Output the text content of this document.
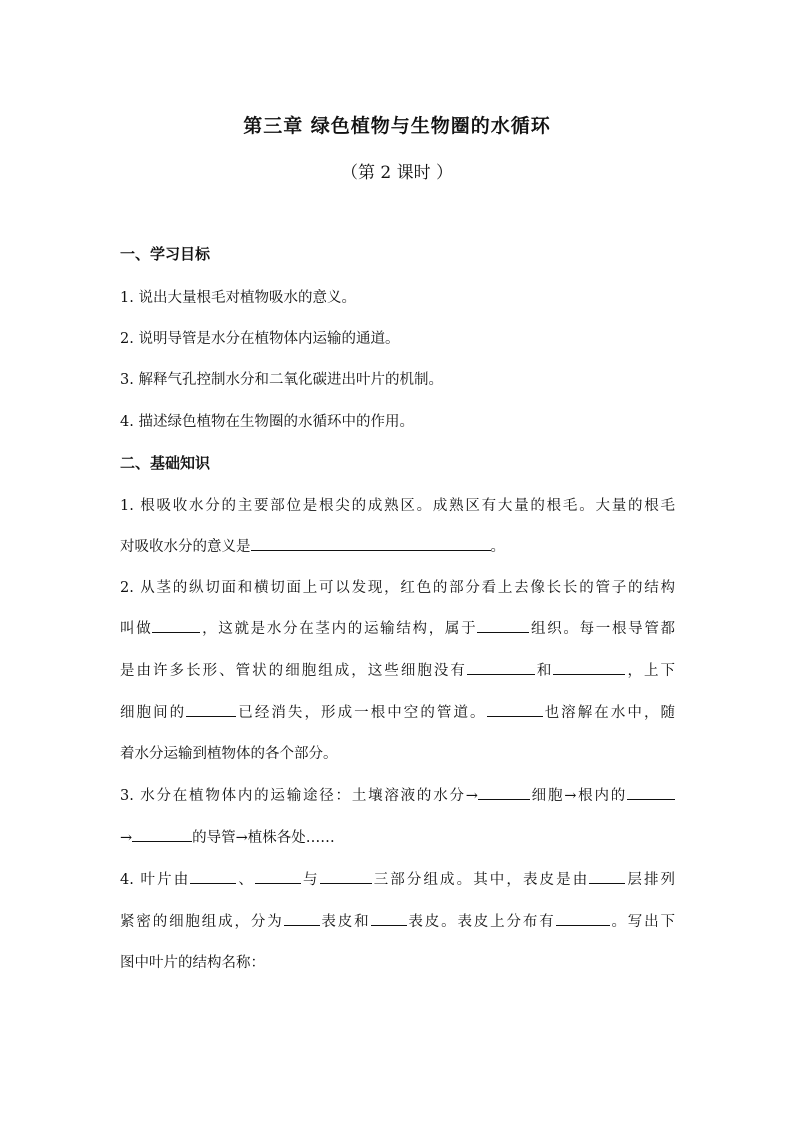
第三章 绿色植物与生物圈的水循环
（第 2 课时 ）
一、学习目标
1. 说出大量根毛对植物吸水的意义。
2. 说明导管是水分在植物体内运输的通道。
3. 解释气孔控制水分和二氧化碳进出叶片的机制。
4. 描述绿色植物在生物圈的水循环中的作用。
二、基础知识
1. 根吸收水分的主要部位是根尖的成熟区。成熟区有大量的根毛。大量的根毛
对吸收水分的意义是	。
2. 从茎的纵切面和横切面上可以发现，红色的部分看上去像长长的管子的结构
叫做	，这就是水分在茎内的运输结构，属于	组织。每一根导管都
是由许多长形、管状的细胞组成，这些细胞没有	和	，上下
细胞间的	已经消失，形成一根中空的管道。	也溶解在水中，随
着水分运输到植物体的各个部分。
3. 水分在植物体内的运输途径：土壤溶液的水分→	细胞→根内的
→	的导管→植株各处……
4. 叶片由	、	与	三部分组成。其中，表皮是由 层排列
紧密的细胞组成，分为 表皮和 表皮。表皮上分布有	。写出下
图中叶片的结构名称：
